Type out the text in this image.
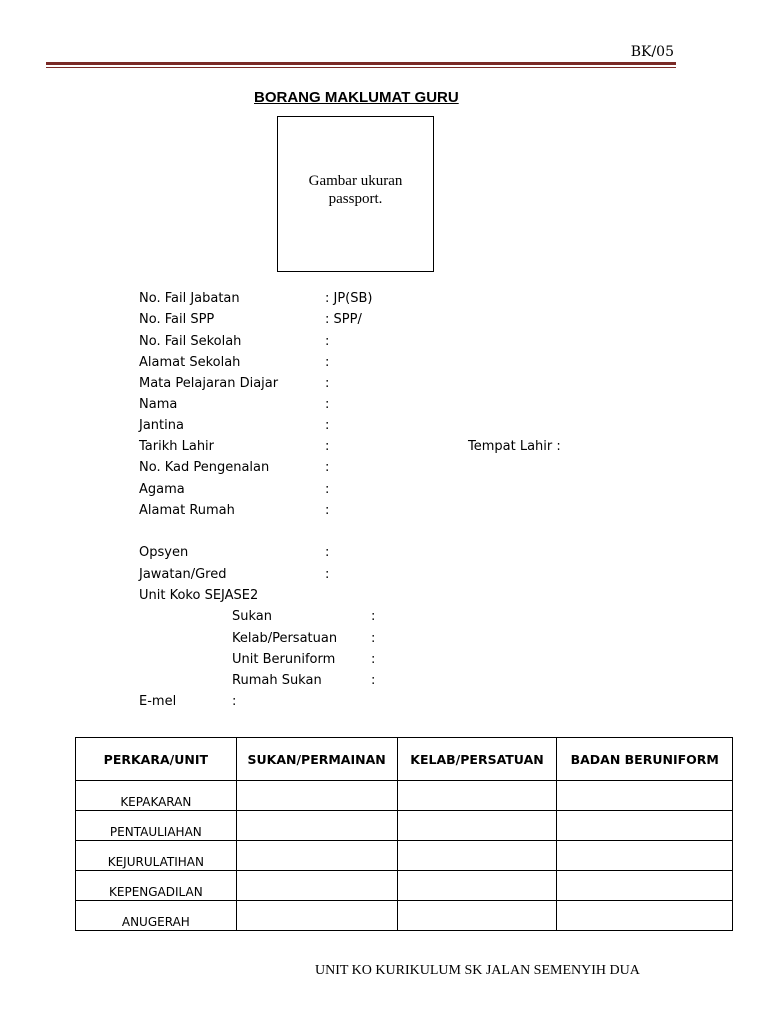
BK/05
BORANG MAKLUMAT GURU
Gambar ukuran
passport.
No. Fail Jabatan	: JP(SB)
No. Fail SPP	: SPP/
No. Fail Sekolah	:
Alamat Sekolah	:
Mata Pelajaran Diajar	:
Nama	:
Jantina	:
Tarikh Lahir	:	Tempat Lahir :
No. Kad Pengenalan	:
Agama	:
Alamat Rumah	:
Opsyen	:
Jawatan/Gred	:
Unit Koko SEJASE2
Sukan	:
Kelab/Persatuan	:
Unit Beruniform	:
Rumah Sukan	:
E-mel	:
PERKARA/UNIT	SUKAN/PERMAINAN	KELAB/PERSATUAN	BADAN BERUNIFORM
KEPAKARAN			
PENTAULIAHAN			
KEJURULATIHAN			
KEPENGADILAN			
ANUGERAH			
UNIT KO KURIKULUM SK JALAN SEMENYIH DUA
